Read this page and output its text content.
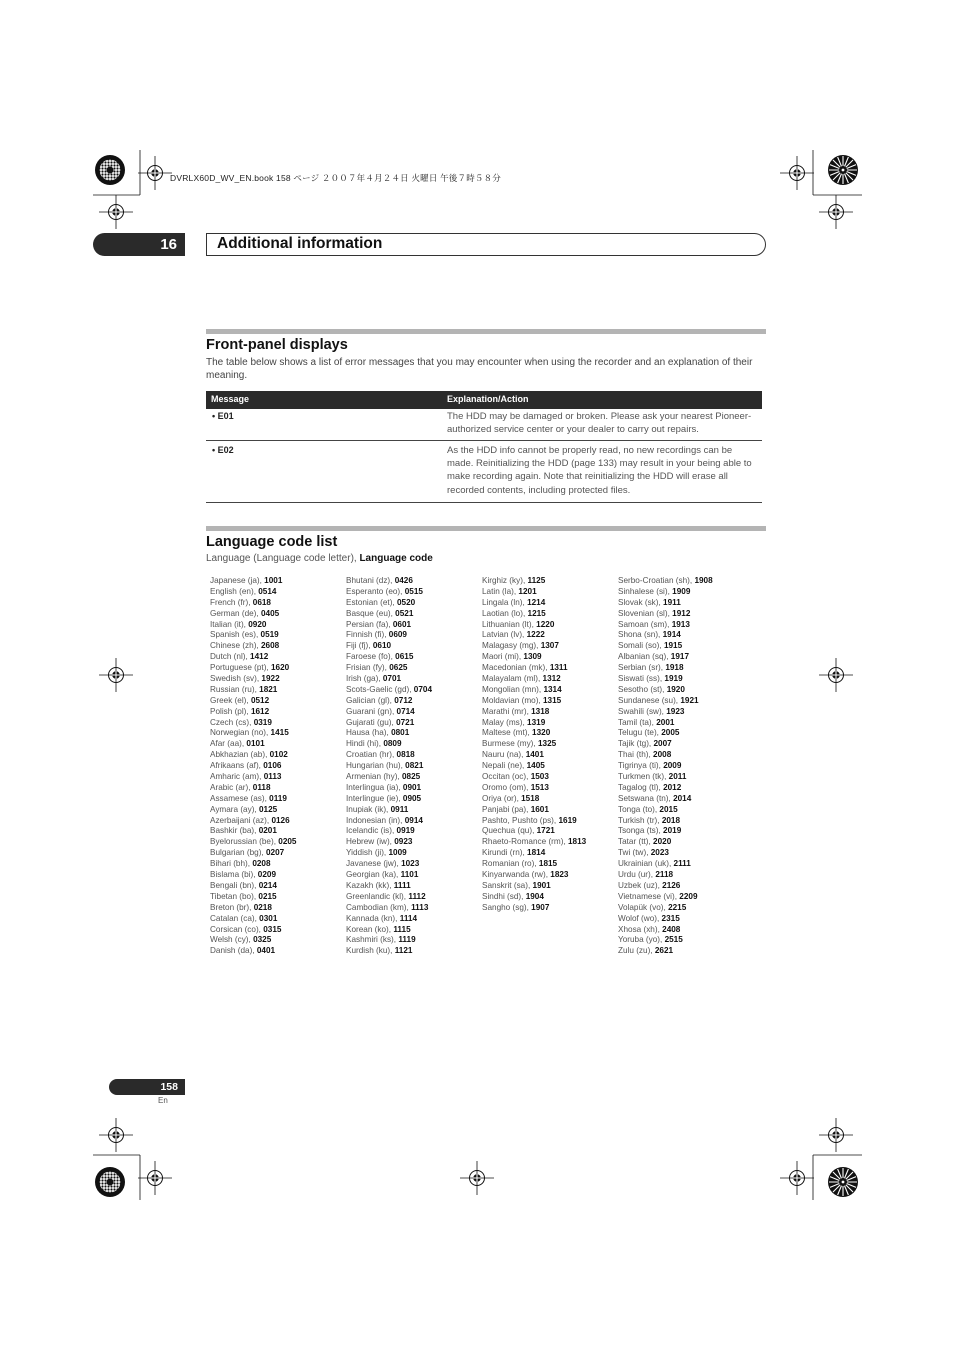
DVRLX60D_WV_EN.book 158 ページ ２００７年４月２４日 火曜日 午後７時５８分
16	Additional information
Front-panel displays
The table below shows a list of error messages that you may encounter when using the recorder and an explanation of their meaning.
Message	Explanation/Action
• E01	The HDD may be damaged or broken. Please ask your nearest Pioneer-authorized service center or your dealer to carry out repairs.
• E02	As the HDD info cannot be properly read, no new recordings can be made. Reinitializing the HDD (page 133) may result in your being able to make recording again. Note that reinitializing the HDD will erase all recorded contents, including protected files.
Language code list
Language (Language code letter), Language code
Japanese (ja), 1001
English (en), 0514
French (fr), 0618
German (de), 0405
Italian (it), 0920
Spanish (es), 0519
Chinese (zh), 2608
Dutch (nl), 1412
Portuguese (pt), 1620
Swedish (sv), 1922
Russian (ru), 1821
Greek (el), 0512
Polish (pl), 1612
Czech (cs), 0319
Norwegian (no), 1415
Afar (aa), 0101
Abkhazian (ab), 0102
Afrikaans (af), 0106
Amharic (am), 0113
Arabic (ar), 0118
Assamese (as), 0119
Aymara (ay), 0125
Azerbaijani (az), 0126
Bashkir (ba), 0201
Byelorussian (be), 0205
Bulgarian (bg), 0207
Bihari (bh), 0208
Bislama (bi), 0209
Bengali (bn), 0214
Tibetan (bo), 0215
Breton (br), 0218
Catalan (ca), 0301
Corsican (co), 0315
Welsh (cy), 0325
Danish (da), 0401
Bhutani (dz), 0426
Esperanto (eo), 0515
Estonian (et), 0520
Basque (eu), 0521
Persian (fa), 0601
Finnish (fi), 0609
Fiji (fj), 0610
Faroese (fo), 0615
Frisian (fy), 0625
Irish (ga), 0701
Scots-Gaelic (gd), 0704
Galician (gl), 0712
Guarani (gn), 0714
Gujarati (gu), 0721
Hausa (ha), 0801
Hindi (hi), 0809
Croatian (hr), 0818
Hungarian (hu), 0821
Armenian (hy), 0825
Interlingua (ia), 0901
Interlingue (ie), 0905
Inupiak (ik), 0911
Indonesian (in), 0914
Icelandic (is), 0919
Hebrew (iw), 0923
Yiddish (ji), 1009
Javanese (jw), 1023
Georgian (ka), 1101
Kazakh (kk), 1111
Greenlandic (kl), 1112
Cambodian (km), 1113
Kannada (kn), 1114
Korean (ko), 1115
Kashmiri (ks), 1119
Kurdish (ku), 1121
Kirghiz (ky), 1125
Latin (la), 1201
Lingala (ln), 1214
Laotian (lo), 1215
Lithuanian (lt), 1220
Latvian (lv), 1222
Malagasy (mg), 1307
Maori (mi), 1309
Macedonian (mk), 1311
Malayalam (ml), 1312
Mongolian (mn), 1314
Moldavian (mo), 1315
Marathi (mr), 1318
Malay (ms), 1319
Maltese (mt), 1320
Burmese (my), 1325
Nauru (na), 1401
Nepali (ne), 1405
Occitan (oc), 1503
Oromo (om), 1513
Oriya (or), 1518
Panjabi (pa), 1601
Pashto, Pushto (ps), 1619
Quechua (qu), 1721
Rhaeto-Romance (rm), 1813
Kirundi (rn), 1814
Romanian (ro), 1815
Kinyarwanda (rw), 1823
Sanskrit (sa), 1901
Sindhi (sd), 1904
Sangho (sg), 1907
Serbo-Croatian (sh), 1908
Sinhalese (si), 1909
Slovak (sk), 1911
Slovenian (sl), 1912
Samoan (sm), 1913
Shona (sn), 1914
Somali (so), 1915
Albanian (sq), 1917
Serbian (sr), 1918
Siswati (ss), 1919
Sesotho (st), 1920
Sundanese (su), 1921
Swahili (sw), 1923
Tamil (ta), 2001
Telugu (te), 2005
Tajik (tg), 2007
Thai (th), 2008
Tigrinya (ti), 2009
Turkmen (tk), 2011
Tagalog (tl), 2012
Setswana (tn), 2014
Tonga (to), 2015
Turkish (tr), 2018
Tsonga (ts), 2019
Tatar (tt), 2020
Twi (tw), 2023
Ukrainian (uk), 2111
Urdu (ur), 2118
Uzbek (uz), 2126
Vietnamese (vi), 2209
Volapük (vo), 2215
Wolof (wo), 2315
Xhosa (xh), 2408
Yoruba (yo), 2515
Zulu (zu), 2621
158
En
